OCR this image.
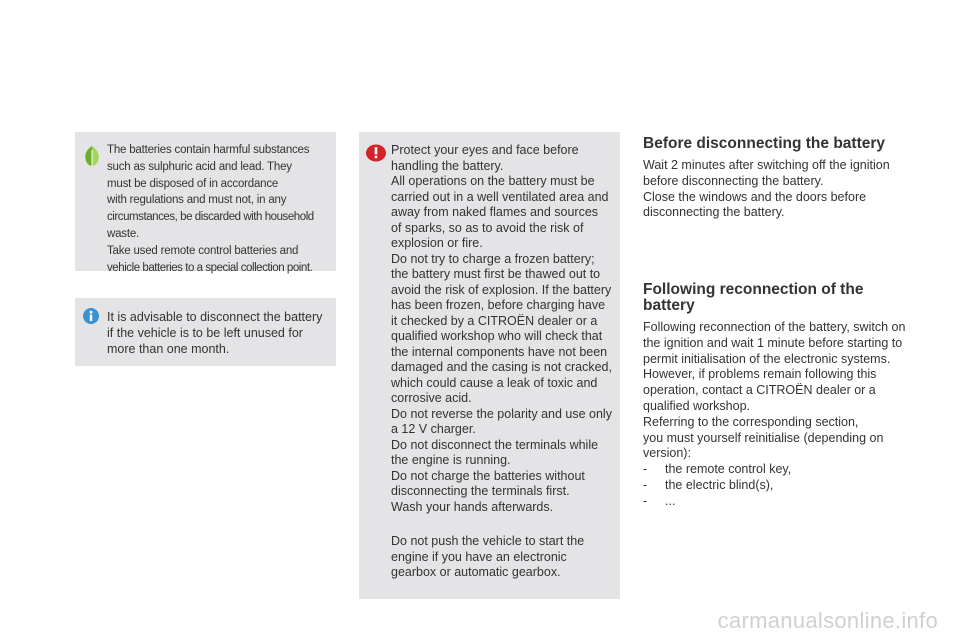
The batteries contain harmful substances
such as sulphuric acid and lead. They
must be disposed of in accordance
with regulations and must not, in any
circumstances, be discarded with household
waste.
Take used remote control batteries and
vehicle batteries to a special collection point.
It is advisable to disconnect the battery
if the vehicle is to be left unused for
more than one month.
Protect your eyes and face before
handling the battery.
All operations on the battery must be
carried out in a well ventilated area and
away from naked flames and sources
of sparks, so as to avoid the risk of
explosion or fire.
Do not try to charge a frozen battery;
the battery must first be thawed out to
avoid the risk of explosion. If the battery
has been frozen, before charging have
it checked by a CITROËN dealer or a
qualified workshop who will check that
the internal components have not been
damaged and the casing is not cracked,
which could cause a leak of toxic and
corrosive acid.
Do not reverse the polarity and use only
a 12 V charger.
Do not disconnect the terminals while
the engine is running.
Do not charge the batteries without
disconnecting the terminals first.
Wash your hands afterwards.
Do not push the vehicle to start the
engine if you have an electronic
gearbox or automatic gearbox.
Before disconnecting the battery
Wait 2 minutes after switching off the ignition
before disconnecting the battery.
Close the windows and the doors before
disconnecting the battery.
Following reconnection of the
battery
Following reconnection of the battery, switch on
the ignition and wait 1 minute before starting to
permit initialisation of the electronic systems.
However, if problems remain following this
operation, contact a CITROËN dealer or a
qualified workshop.
Referring to the corresponding section,
you must yourself reinitialise (depending on
version):
- the remote control key,
- the electric blind(s),
- ...
carmanualsonline.info
